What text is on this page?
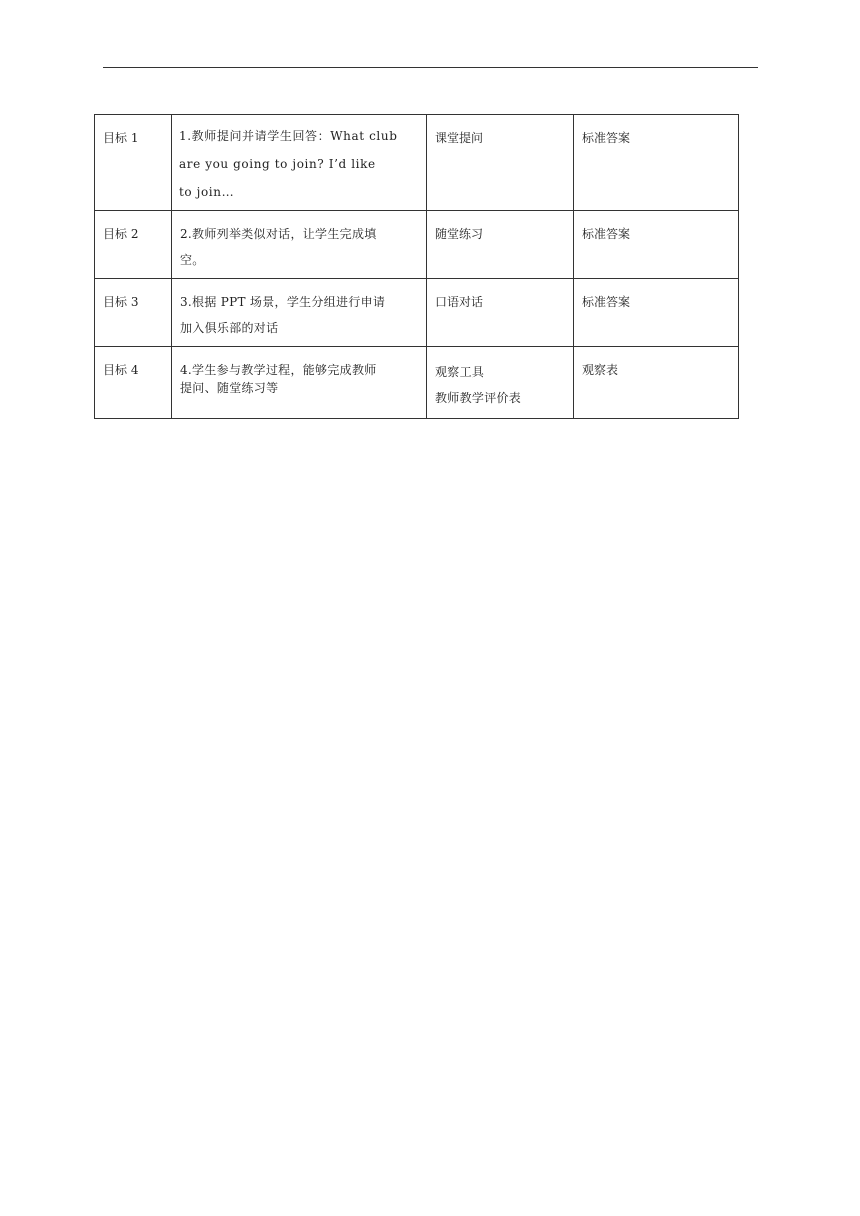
目标 1	1.教师提问并请学生回答：What club
are you going to join? I’d like
to join…	课堂提问	标准答案

目标 2	2.教师列举类似对话，让学生完成填
空。	随堂练习	标准答案

目标 3	3.根据 PPT 场景，学生分组进行申请
加入俱乐部的对话	口语对话	标准答案

目标 4	4.学生参与教学过程，能够完成教师
提问、随堂练习等	观察工具
教师教学评价表	观察表
